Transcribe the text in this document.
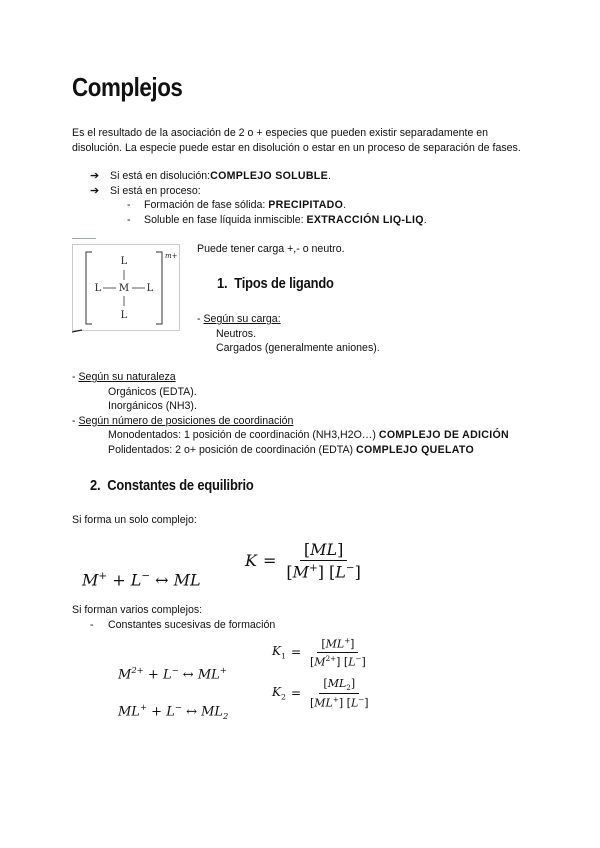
Complejos
Es el resultado de la asociación de 2 o + especies que pueden existir separadamente en disolución. La especie puede estar en disolución o estar en un proceso de separación de fases.
➔	Si está en disolución: COMPLEJO SOLUBLE .
➔	Si está en proceso:
- Formación de fase sólida: PRECIPITADO.
- Soluble en fase líquida inmiscible: EXTRACCIÓN LIQ-LIQ.
L
L M L
L
m+
Puede tener carga +,- o neutro.
1. Tipos de ligando
- Según su carga:
Neutros.
Cargados (generalmente aniones).
- Según su naturaleza
Orgánicos (EDTA).
Inorgánicos (NH3).
- Según número de posiciones de coordinación
Monodentados: 1 posición de coordinación (NH3,H2O…) COMPLEJO DE ADICIÓN
Polidentados: 2 o+ posición de coordinación (EDTA) COMPLEJO QUELATO
2. Constantes de equilibrio
Si forma un solo complejo:
M+ + L− ↔ ML
$K = \frac{[ML]}{[M^+] [L^-]}$
Si forman varios complejos:
- Constantes sucesivas de formación
$M^{2+} + L^-$ ↔ ML+
ML+ + L− ↔ $ML_2$
$K_1 = \frac{[ML^+]}{[M^{2+}] [L^-]}$
$K_2 = \frac{[ML_2]}{[ML^+] [L^-]}$
